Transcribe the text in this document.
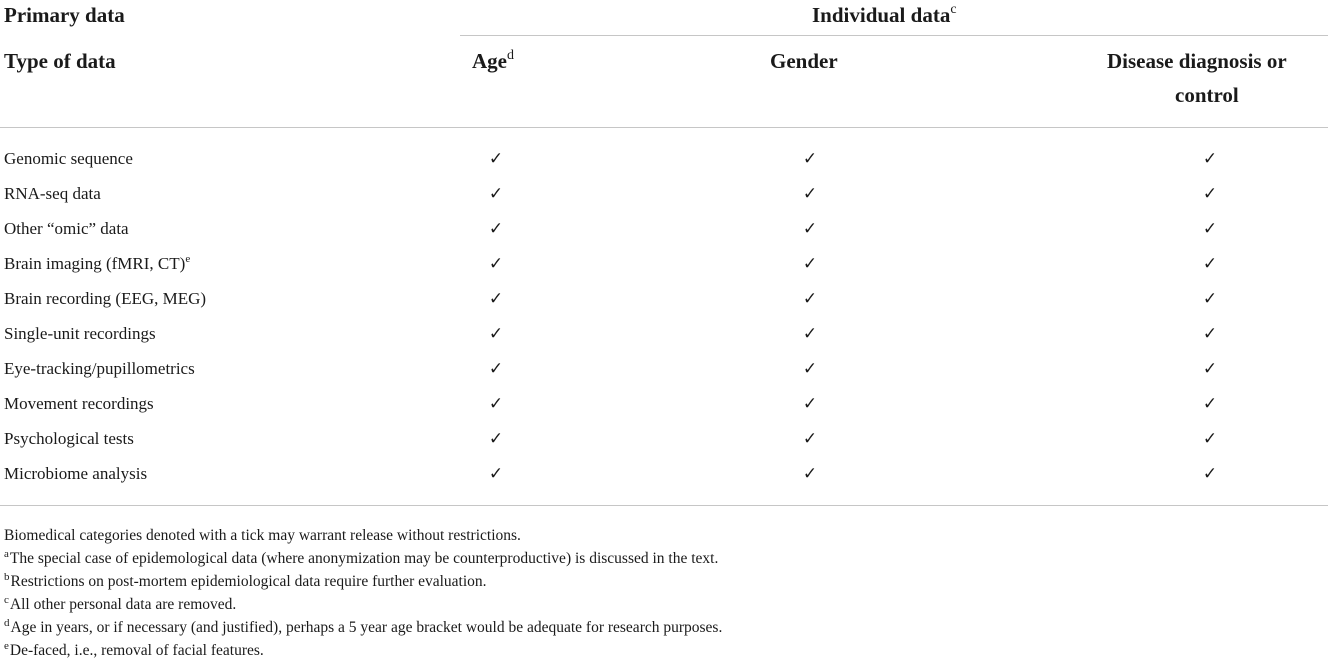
Primary data	Individual data$^c$
Type of data	Age$^d$	Gender	Disease diagnosis or
control
Genomic sequence	✓	✓	✓
RNA-seq data	✓	✓	✓
Other “omic” data	✓	✓	✓
Brain imaging (fMRI, CT)$^e$	✓	✓	✓
Brain recording (EEG, MEG)	✓	✓	✓
Single-unit recordings	✓	✓	✓
Eye-tracking/pupillometrics	✓	✓	✓
Movement recordings	✓	✓	✓
Psychological tests	✓	✓	✓
Microbiome analysis	✓	✓	✓
Biomedical categories denoted with a tick may warrant release without restrictions.
$^a$The special case of epidemological data (where anonymization may be counterproductive) is discussed in the text.
$^b$Restrictions on post-mortem epidemiological data require further evaluation.
$^c$All other personal data are removed.
$^d$Age in years, or if necessary (and justified), perhaps a 5 year age bracket would be adequate for research purposes.
$^e$De-faced, i.e., removal of facial features.
